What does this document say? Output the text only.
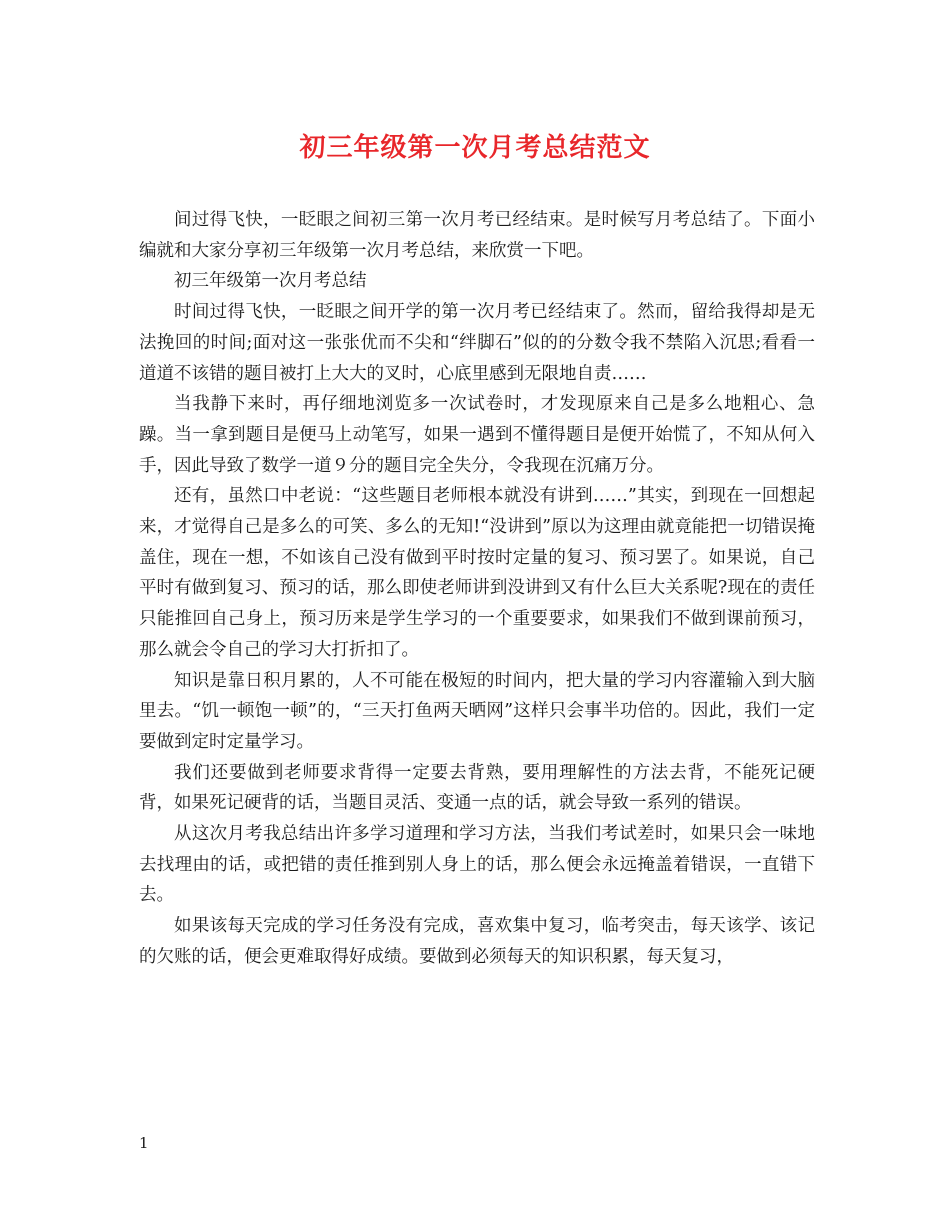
初三年级第一次月考总结范文

间过得飞快，一眨眼之间初三第一次月考已经结束。是时候写月考总结了。下面小编就和大家分享初三年级第一次月考总结，来欣赏一下吧。

初三年级第一次月考总结

时间过得飞快，一眨眼之间开学的第一次月考已经结束了。然而，留给我得却是无法挽回的时间;面对这一张张优而不尖和“绊脚石”似的的分数令我不禁陷入沉思;看看一道道不该错的题目被打上大大的叉时，心底里感到无限地自责……

当我静下来时，再仔细地浏览多一次试卷时，才发现原来自己是多么地粗心、急躁。当一拿到题目是便马上动笔写，如果一遇到不懂得题目是便开始慌了，不知从何入手，因此导致了数学一道９分的题目完全失分，令我现在沉痛万分。

还有，虽然口中老说：“这些题目老师根本就没有讲到……”其实，到现在一回想起来，才觉得自己是多么的可笑、多么的无知!“没讲到”原以为这理由就竟能把一切错误掩盖住，现在一想，不如该自己没有做到平时按时定量的复习、预习罢了。如果说，自己平时有做到复习、预习的话，那么即使老师讲到没讲到又有什么巨大关系呢?现在的责任只能推回自己身上，预习历来是学生学习的一个重要要求，如果我们不做到课前预习，那么就会令自己的学习大打折扣了。

知识是靠日积月累的，人不可能在极短的时间内，把大量的学习内容灌输入到大脑里去。“饥一顿饱一顿”的，“三天打鱼两天晒网”这样只会事半功倍的。因此，我们一定要做到定时定量学习。

我们还要做到老师要求背得一定要去背熟，要用理解性的方法去背，不能死记硬背，如果死记硬背的话，当题目灵活、变通一点的话，就会导致一系列的错误。

从这次月考我总结出许多学习道理和学习方法，当我们考试差时，如果只会一味地去找理由的话，或把错的责任推到别人身上的话，那么便会永远掩盖着错误，一直错下去。

如果该每天完成的学习任务没有完成，喜欢集中复习，临考突击，每天该学、该记的欠账的话，便会更难取得好成绩。要做到必须每天的知识积累，每天复习，

1
